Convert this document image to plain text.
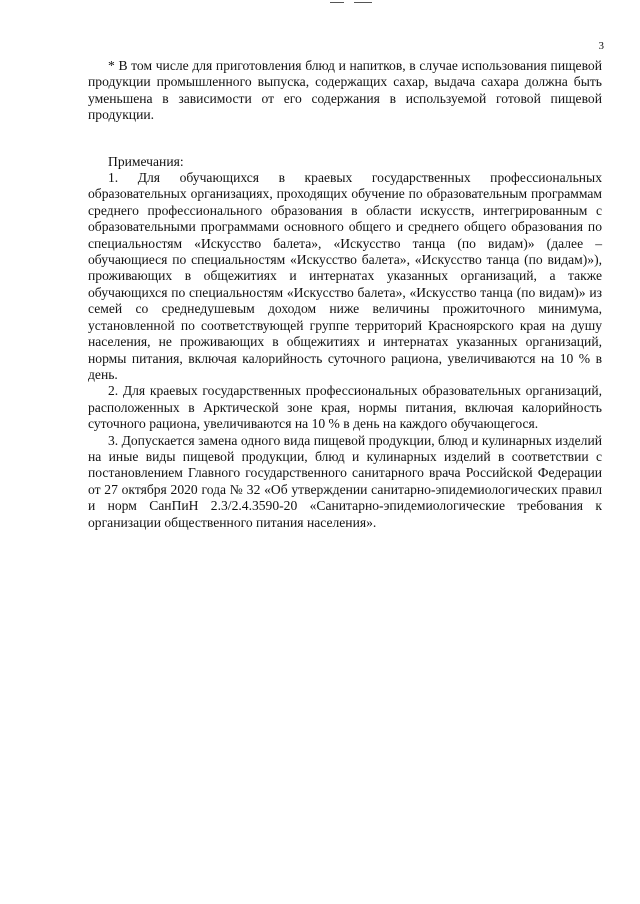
3

* В том числе для приготовления блюд и напитков, в случае использования пищевой продукции промышленного выпуска, содержащих сахар, выдача сахара должна быть уменьшена в зависимости от его содержания в используемой готовой пищевой продукции.

Примечания:

1. Для обучающихся в краевых государственных профессиональных образовательных организациях, проходящих обучение по образовательным программам среднего профессионального образования в области искусств, интегрированным с образовательными программами основного общего и среднего общего образования по специальностям «Искусство балета», «Искусство танца (по видам)» (далее – обучающиеся по специальностям «Искусство балета», «Искусство танца (по видам)»), проживающих в общежитиях и интернатах указанных организаций, а также обучающихся по специальностям «Искусство балета», «Искусство танца (по видам)» из семей со среднедушевым доходом ниже величины прожиточного минимума, установленной по соответствующей группе территорий Красноярского края на душу населения, не проживающих в общежитиях и интернатах указанных организаций, нормы питания, включая калорийность суточного рациона, увеличиваются на 10 % в день.

2. Для краевых государственных профессиональных образовательных организаций, расположенных в Арктической зоне края, нормы питания, включая калорийность суточного рациона, увеличиваются на 10 % в день на каждого обучающегося.

3. Допускается замена одного вида пищевой продукции, блюд и кулинарных изделий на иные виды пищевой продукции, блюд и кулинарных изделий в соответствии с постановлением Главного государственного санитарного врача Российской Федерации от 27 октября 2020 года № 32 «Об утверждении санитарно-эпидемиологических правил и норм СанПиН 2.3/2.4.3590-20 «Санитарно-эпидемиологические требования к организации общественного питания населения».
